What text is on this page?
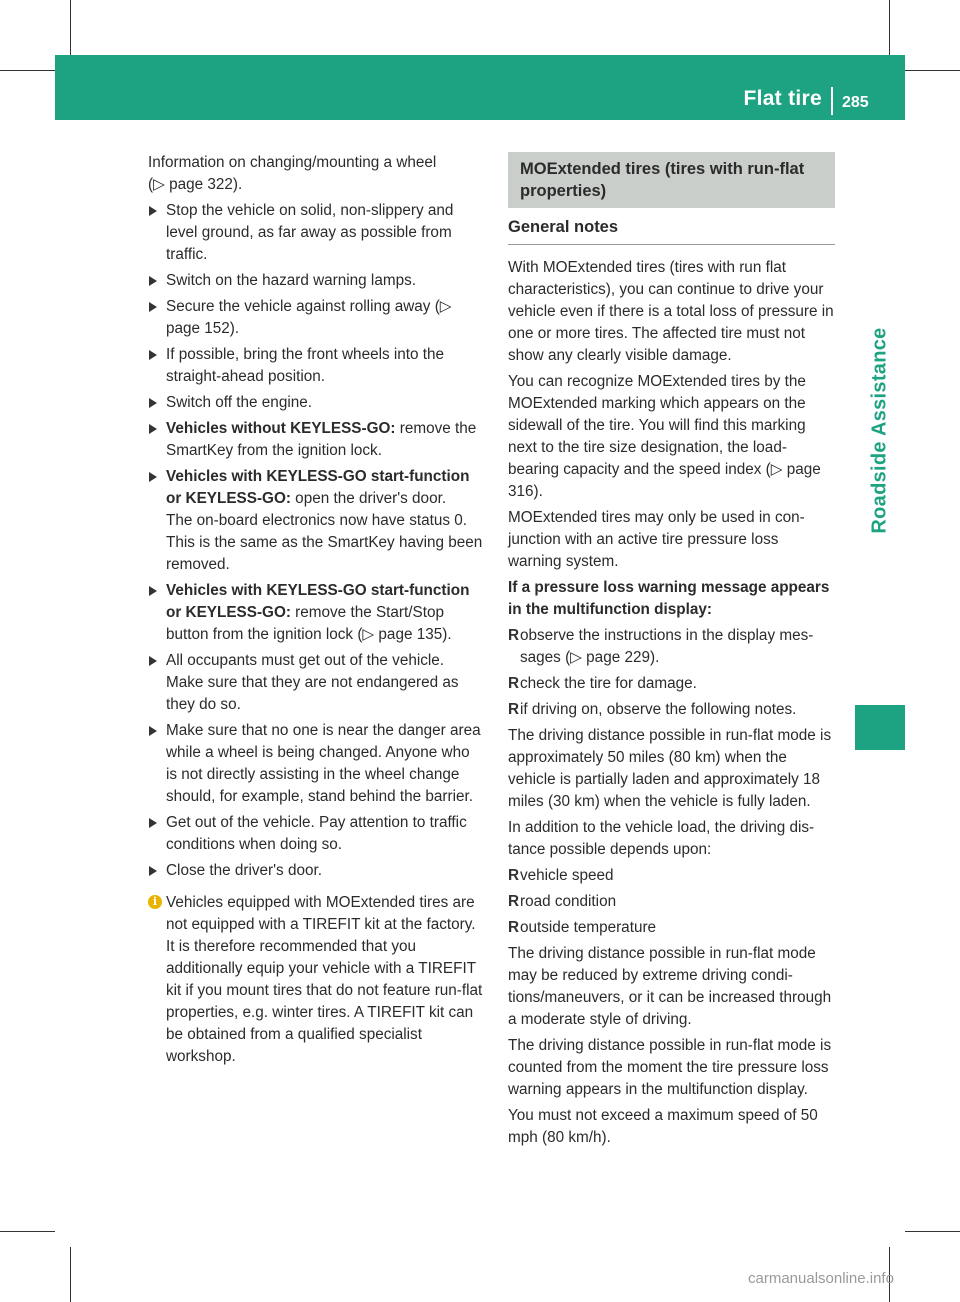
Flat tire 285
Roadside Assistance

Information on changing/mounting a wheel
(▷ page 322).

Stop the vehicle on solid, non-slippery and level ground, as far away as possible from traffic.
Switch on the hazard warning lamps.
Secure the vehicle against rolling away (▷ page 152).
If possible, bring the front wheels into the straight-ahead position.
Switch off the engine.
Vehicles without KEYLESS-GO: remove the SmartKey from the ignition lock.
Vehicles with KEYLESS-GO start-function or KEYLESS-GO: open the driver's door.
The on-board electronics now have status 0. This is the same as the SmartKey having been removed.
Vehicles with KEYLESS-GO start-function or KEYLESS-GO: remove the Start/Stop button from the ignition lock (▷ page 135).
All occupants must get out of the vehicle. Make sure that they are not endangered as they do so.
Make sure that no one is near the danger area while a wheel is being changed. Anyone who is not directly assisting in the wheel change should, for example, stand behind the barrier.
Get out of the vehicle. Pay attention to traffic conditions when doing so.
Close the driver's door.
i Vehicles equipped with MOExtended tires are not equipped with a TIREFIT kit at the factory. It is therefore recommended that you additionally equip your vehicle with a TIREFIT kit if you mount tires that do not feature run-flat properties, e.g. winter tires. A TIREFIT kit can be obtained from a qualified specialist workshop.
MOExtended tires (tires with run-flat properties)
General notes

With MOExtended tires (tires with run flat characteristics), you can continue to drive your vehicle even if there is a total loss of pressure in one or more tires. The affected tire must not show any clearly visible damage.

You can recognize MOExtended tires by the MOExtended marking which appears on the sidewall of the tire. You will find this marking next to the tire size designation, the load-bearing capacity and the speed index (▷ page 316).

MOExtended tires may only be used in conjunction with an active tire pressure loss warning system.

If a pressure loss warning message appears in the multifunction display:

R observe the instructions in the display messages (▷ page 229).
R check the tire for damage.
R if driving on, observe the following notes.

The driving distance possible in run-flat mode is approximately 50 miles (80 km) when the vehicle is partially laden and approximately 18 miles (30 km) when the vehicle is fully laden.

In addition to the vehicle load, the driving distance possible depends upon:

R vehicle speed
R road condition
R outside temperature

The driving distance possible in run-flat mode may be reduced by extreme driving conditions/maneuvers, or it can be increased through a moderate style of driving.

The driving distance possible in run-flat mode is counted from the moment the tire pressure loss warning appears in the multifunction display.

You must not exceed a maximum speed of 50 mph (80 km/h).

carmanualsonline.info
